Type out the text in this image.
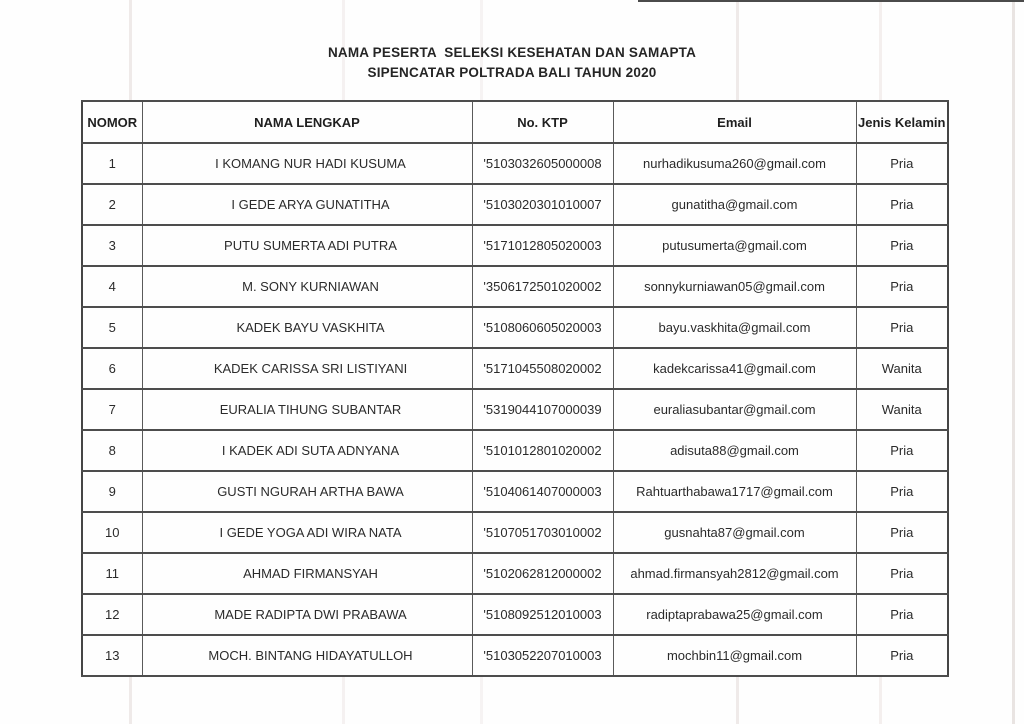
NAMA PESERTA  SELEKSI KESEHATAN DAN SAMAPTA
SIPENCATAR POLTRADA BALI TAHUN 2020
NOMOR	NAMA LENGKAP	No. KTP	Email	Jenis Kelamin
1	I KOMANG NUR HADI KUSUMA	'5103032605000008	nurhadikusuma260@gmail.com	Pria
2	I GEDE ARYA GUNATITHA	'5103020301010007	gunatitha@gmail.com	Pria
3	PUTU SUMERTA ADI PUTRA	'5171012805020003	putusumerta@gmail.com	Pria
4	M. SONY KURNIAWAN	'3506172501020002	sonnykurniawan05@gmail.com	Pria
5	KADEK BAYU VASKHITA	'5108060605020003	bayu.vaskhita@gmail.com	Pria
6	KADEK CARISSA SRI LISTIYANI	'5171045508020002	kadekcarissa41@gmail.com	Wanita
7	EURALIA TIHUNG SUBANTAR	'5319044107000039	euraliasubantar@gmail.com	Wanita
8	I KADEK ADI SUTA ADNYANA	'5101012801020002	adisuta88@gmail.com	Pria
9	GUSTI NGURAH ARTHA BAWA	'5104061407000003	Rahtuarthabawa1717@gmail.com	Pria
10	I GEDE YOGA ADI WIRA NATA	'5107051703010002	gusnahta87@gmail.com	Pria
11	AHMAD FIRMANSYAH	'5102062812000002	ahmad.firmansyah2812@gmail.com	Pria
12	MADE RADIPTA DWI PRABAWA	'5108092512010003	radiptaprabawa25@gmail.com	Pria
13	MOCH. BINTANG HIDAYATULLOH	'5103052207010003	mochbin11@gmail.com	Pria
